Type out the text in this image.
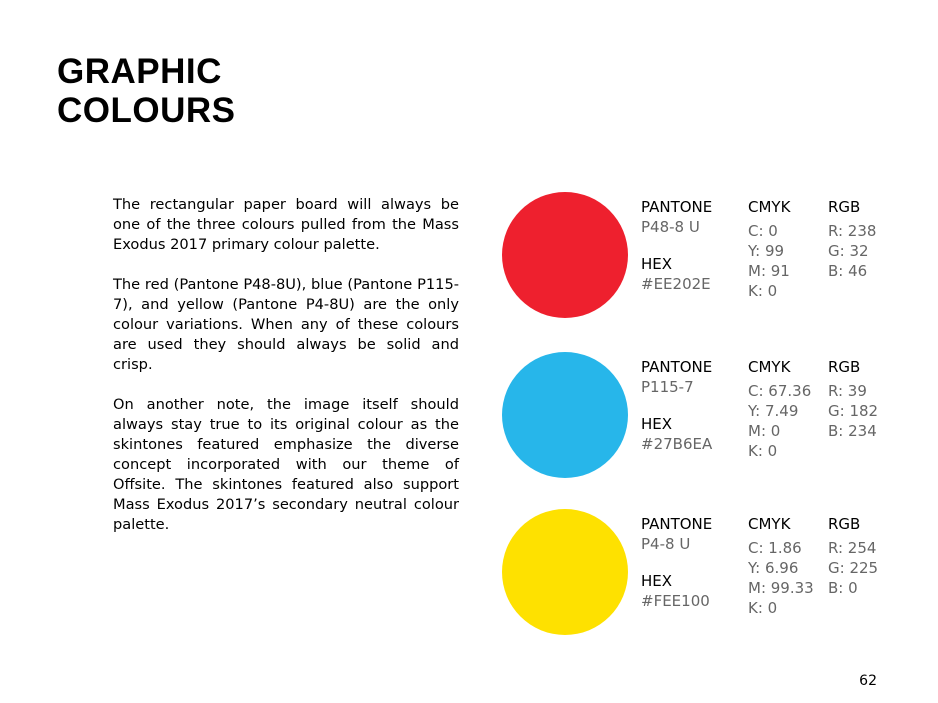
GRAPHIC
COLOURS

The rectangular paper board will always be one of the three colours pulled from the Mass Exodus 2017 primary colour palette.

The red (Pantone P48-8U), blue (Pantone P115-7), and yellow (Pantone P4-8U) are the only colour variations. When any of these colours are used they should always be solid and crisp.

On another note, the image itself should always stay true to its original colour as the skintones featured emphasize the diverse concept incorporated with our theme of Offsite. The skintones featured also support Mass Exodus 2017’s secondary neutral colour palette.

PANTONE
P48-8 U
HEX
#EE202E
CMYK
C: 0
Y: 99
M: 91
K: 0
RGB
R: 238
G: 32
B: 46
PANTONE
P115-7
HEX
#27B6EA
CMYK
C: 67.36
Y: 7.49
M: 0
K: 0
RGB
R: 39
G: 182
B: 234
PANTONE
P4-8 U
HEX
#FEE100
CMYK
C: 1.86
Y: 6.96
M: 99.33
K: 0
RGB
R: 254
G: 225
B: 0
62
